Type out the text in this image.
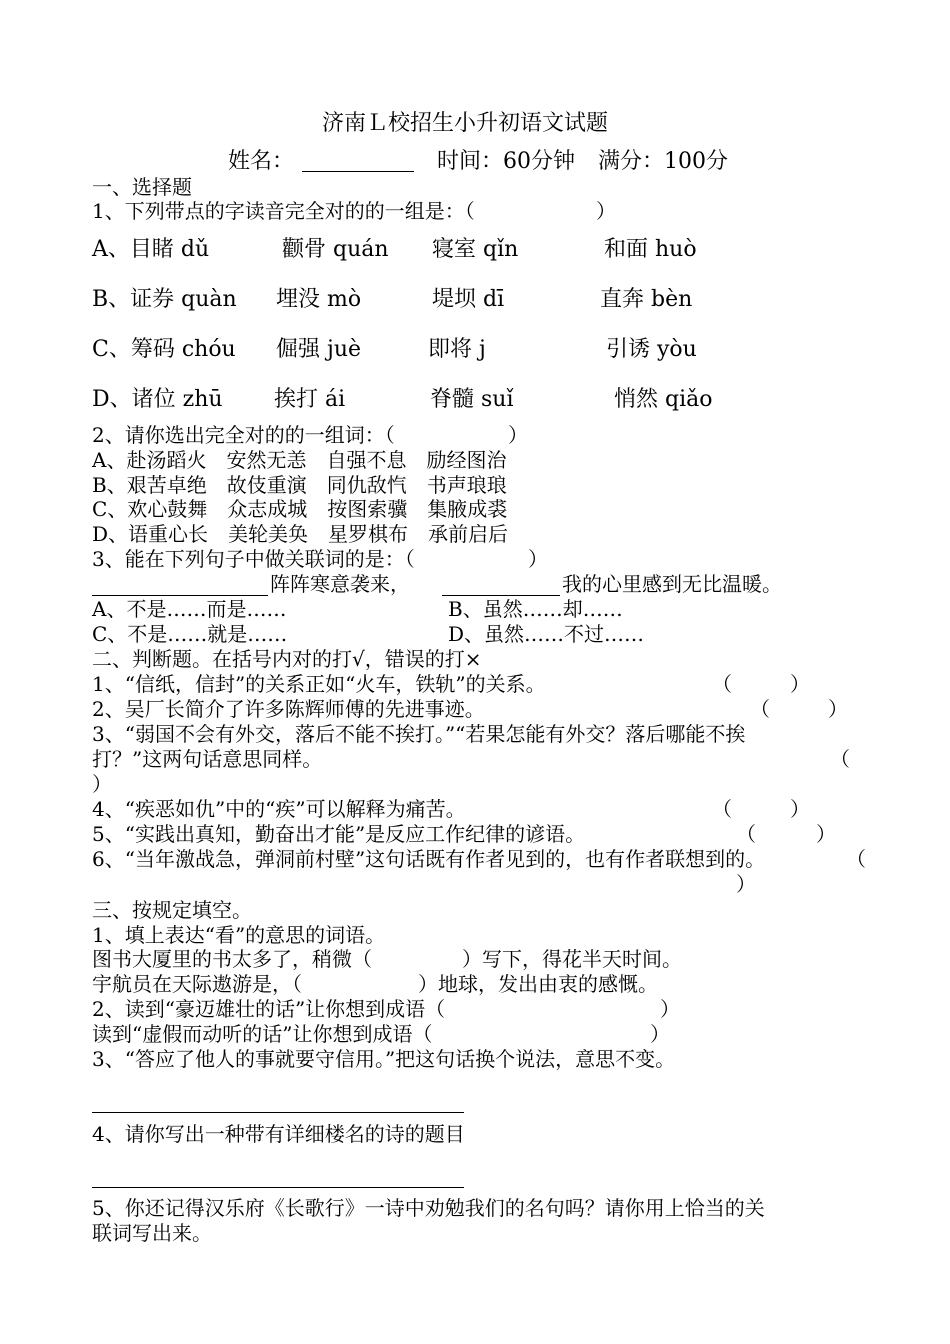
济南Ｌ校招生小升初语文试题
姓名：	时间：60分钟 满分：100分
一、选择题
1、下列带点的字读音完全对的的一组是：（	）
A、目睹 dǔ	颧骨 quán 寝室 qǐn	和面 huò
B、证券 quàn 埋没 mò	堤坝 dī	直奔 bèn
C、筹码 chóu 倔强 juè	即将 j	引诱 yòu
D、诸位 zhū 挨打 ái	脊髓 suǐ	悄然 qiǎo
2、请你选出完全对的的一组词：（	）
A、赴汤蹈火　安然无恙　自强不息　励经图治
B、艰苦卓绝　故伎重演　同仇敌忾　书声琅琅
C、欢心鼓舞　众志成城　按图索骥　集腋成裘
D、语重心长　美轮美奂　星罗棋布　承前启后
3、能在下列句子中做关联词的是：（	）
阵阵寒意袭来，	我的心里感到无比温暖。
A、不是……而是……	B、虽然……却……
C、不是……就是……	D、虽然……不过……
二、判断题。在括号内对的打√，错误的打×
1、“信纸，信封”的关系正如“火车，铁轨”的关系。	（	）
2、吴厂长简介了许多陈辉师傅的先进事迹。	（	）
3、“弱国不会有外交，落后不能不挨打。”“若果怎能有外交？落后哪能不挨
打？”这两句话意思同样。	（
）
4、“疾恶如仇”中的“疾”可以解释为痛苦。	（	）
5、“实践出真知，勤奋出才能”是反应工作纪律的谚语。	（	）
6、“当年激战急，弹洞前村壁”这句话既有作者见到的，也有作者联想到的。	（
）
三、按规定填空。
1、填上表达“看”的意思的词语。
图书大厦里的书太多了，稍微（	）写下，得花半天时间。
宇航员在天际遨游是，（	）地球，发出由衷的感慨。
2、读到“豪迈雄壮的话”让你想到成语（	）
读到“虚假而动听的话”让你想到成语（	）
3、“答应了他人的事就要守信用。”把这句话换个说法，意思不变。
4、请你写出一种带有详细楼名的诗的题目
5、你还记得汉乐府《长歌行》一诗中劝勉我们的名句吗？请你用上恰当的关
联词写出来。
